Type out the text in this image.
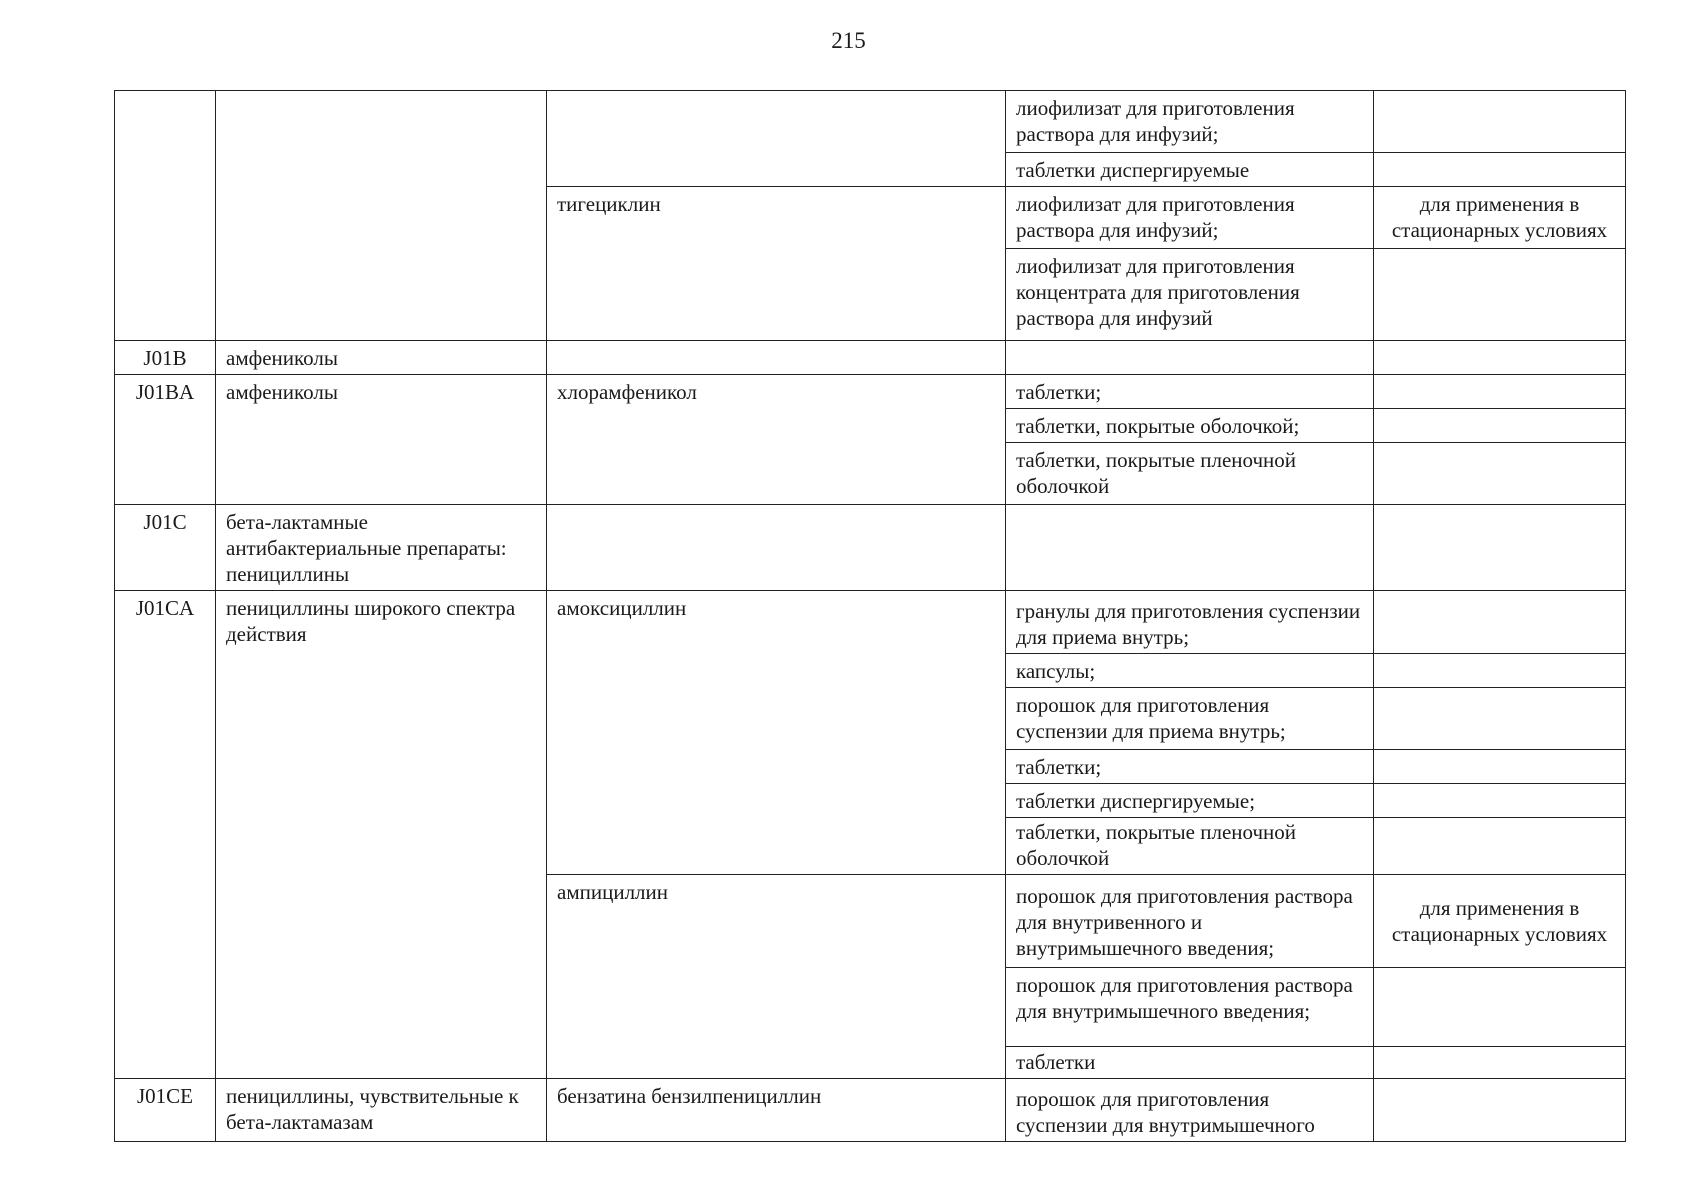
215
			лиофилизат для приготовления раствора для инфузий;	
			таблетки диспергируемые	
		тигециклин	лиофилизат для приготовления раствора для инфузий;	для применения в стационарных условиях
			лиофилизат для приготовления концентрата для приготовления раствора для инфузий	
J01B	амфениколы			
J01BA	амфениколы	хлорамфеникол	таблетки;	
			таблетки, покрытые оболочкой;	
			таблетки, покрытые пленочной оболочкой	
J01C	бета-лактамные антибактериальные препараты: пенициллины			
J01CA	пенициллины широкого спектра действия	амоксициллин	гранулы для приготовления суспензии для приема внутрь;	
			капсулы;	
			порошок для приготовления суспензии для приема внутрь;	
			таблетки;	
			таблетки диспергируемые;	
			таблетки, покрытые пленочной оболочкой	
		ампициллин	порошок для приготовления раствора для внутривенного и внутримышечного введения;	для применения в стационарных условиях
			порошок для приготовления раствора для внутримышечного введения;	
			таблетки	
J01CE	пенициллины, чувствительные к бета-лактамазам	бензатина бензилпенициллин	порошок для приготовления суспензии для внутримышечного	
